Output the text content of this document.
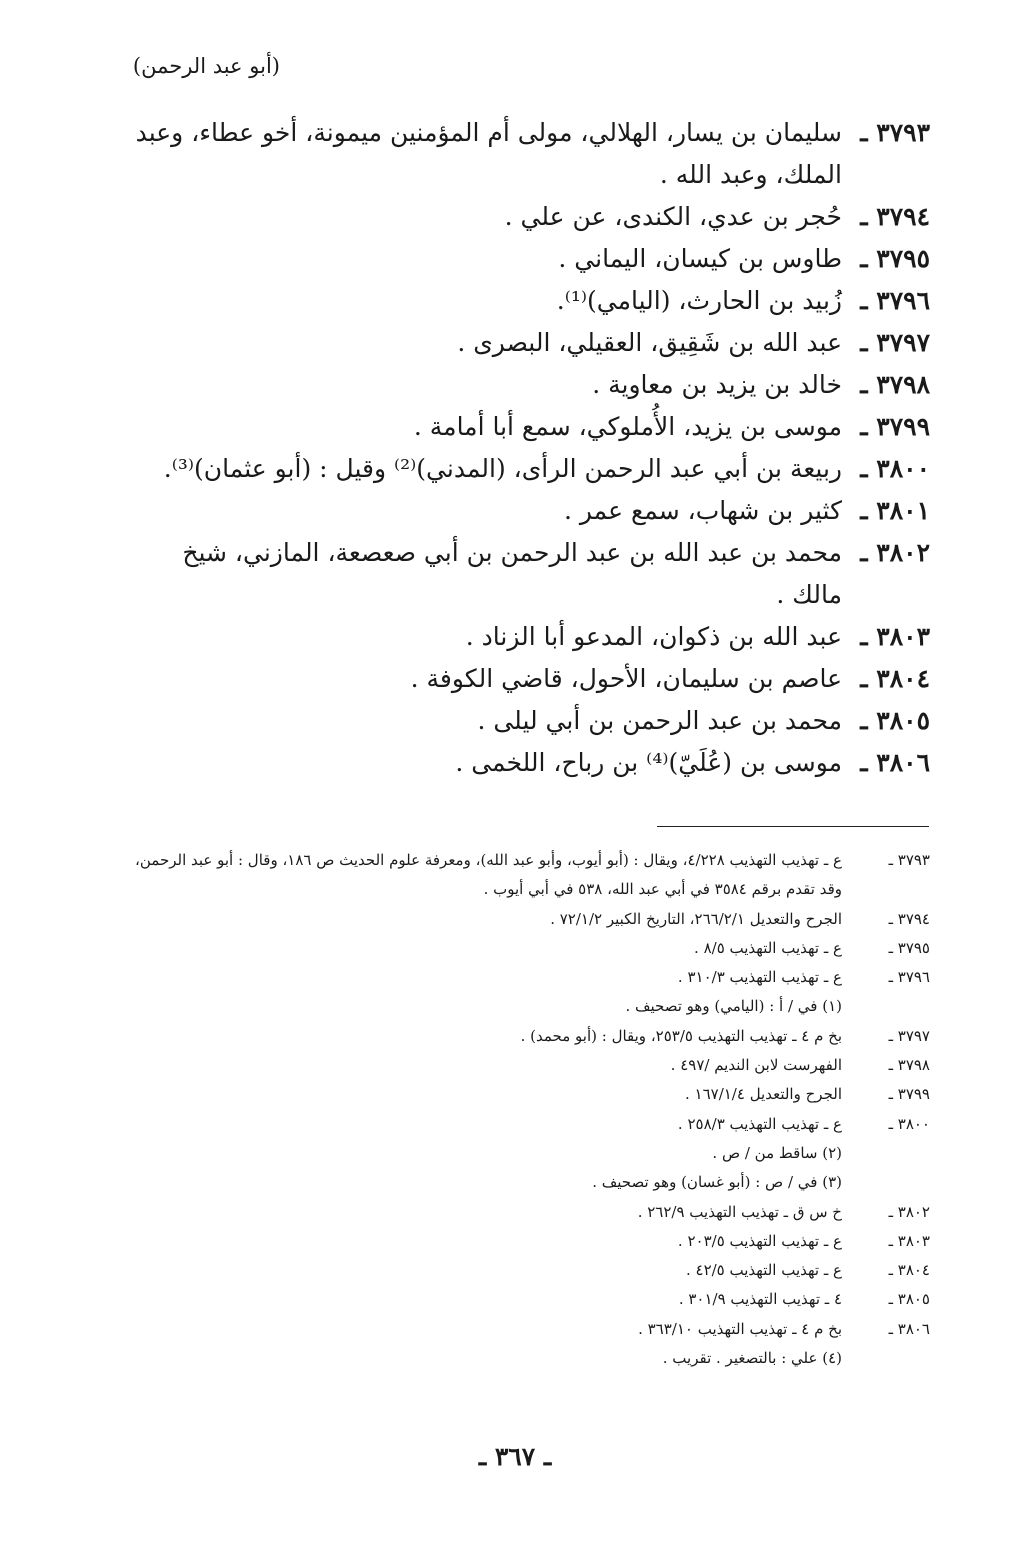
(أبو عبد الرحمن)
٣٧٩٣ ـ
سليمان بن يسار، الهلالي، مولى أم المؤمنين ميمونة، أخو عطاء، وعبد الملك، وعبد الله .
٣٧٩٤ ـ
حُجر بن عدي، الكندى، عن علي .
٣٧٩٥ ـ
طاوس بن كيسان، اليماني .
٣٧٩٦ ـ
زُبيد بن الحارث، (اليامي)⁽¹⁾.
٣٧٩٧ ـ
عبد الله بن شَقِيق، العقيلي، البصرى .
٣٧٩٨ ـ
خالد بن يزيد بن معاوية .
٣٧٩٩ ـ
موسى بن يزيد، الأُملوكي، سمع أبا أمامة .
٣٨٠٠ ـ
ربيعة بن أبي عبد الرحمن الرأى، (المدني)⁽²⁾ وقيل : (أبو عثمان)⁽³⁾.
٣٨٠١ ـ
كثير بن شهاب، سمع عمر .
٣٨٠٢ ـ
محمد بن عبد الله بن عبد الرحمن بن أبي صعصعة، المازني، شيخ مالك .
٣٨٠٣ ـ
عبد الله بن ذكوان، المدعو أبا الزناد .
٣٨٠٤ ـ
عاصم بن سليمان، الأحول، قاضي الكوفة .
٣٨٠٥ ـ
محمد بن عبد الرحمن بن أبي ليلى .
٣٨٠٦ ـ
موسى بن (عُلَيّ)⁽⁴⁾ بن رباح، اللخمى .
٣٧٩٣ ـ
ع ـ تهذيب التهذيب ٤/٢٢٨، ويقال : (أبو أيوب، وأبو عبد الله)، ومعرفة علوم الحديث ص ١٨٦، وقال : أبو عبد الرحمن، وقد تقدم برقم ٣٥٨٤ في أبي عبد الله، ٥٣٨ في أبي أيوب .
٣٧٩٤ ـ
الجرح والتعديل ٢٦٦/٢/١، التاريخ الكبير ٧٢/١/٢ .
٣٧٩٥ ـ
ع ـ تهذيب التهذيب ٨/٥ .
٣٧٩٦ ـ
ع ـ تهذيب التهذيب ٣١٠/٣ .
(١) في / أ : (اليامي) وهو تصحيف .
٣٧٩٧ ـ
بخ م ٤ ـ تهذيب التهذيب ٢٥٣/٥، ويقال : (أبو محمد) .
٣٧٩٨ ـ
الفهرست لابن النديم /٤٩٧ .
٣٧٩٩ ـ
الجرح والتعديل ١٦٧/١/٤ .
٣٨٠٠ ـ
ع ـ تهذيب التهذيب ٢٥٨/٣ .
(٢) ساقط من / ص .
(٣) في / ص : (أبو غسان) وهو تصحيف .
٣٨٠٢ ـ
خ س ق ـ تهذيب التهذيب ٢٦٢/٩ .
٣٨٠٣ ـ
ع ـ تهذيب التهذيب ٢٠٣/٥ .
٣٨٠٤ ـ
ع ـ تهذيب التهذيب ٤٢/٥ .
٣٨٠٥ ـ
٤ ـ تهذيب التهذيب ٣٠١/٩ .
٣٨٠٦ ـ
بخ م ٤ ـ تهذيب التهذيب ٣٦٣/١٠ .
(٤) علي : بالتصغير . تقريب .
ـ ٣٦٧ ـ
